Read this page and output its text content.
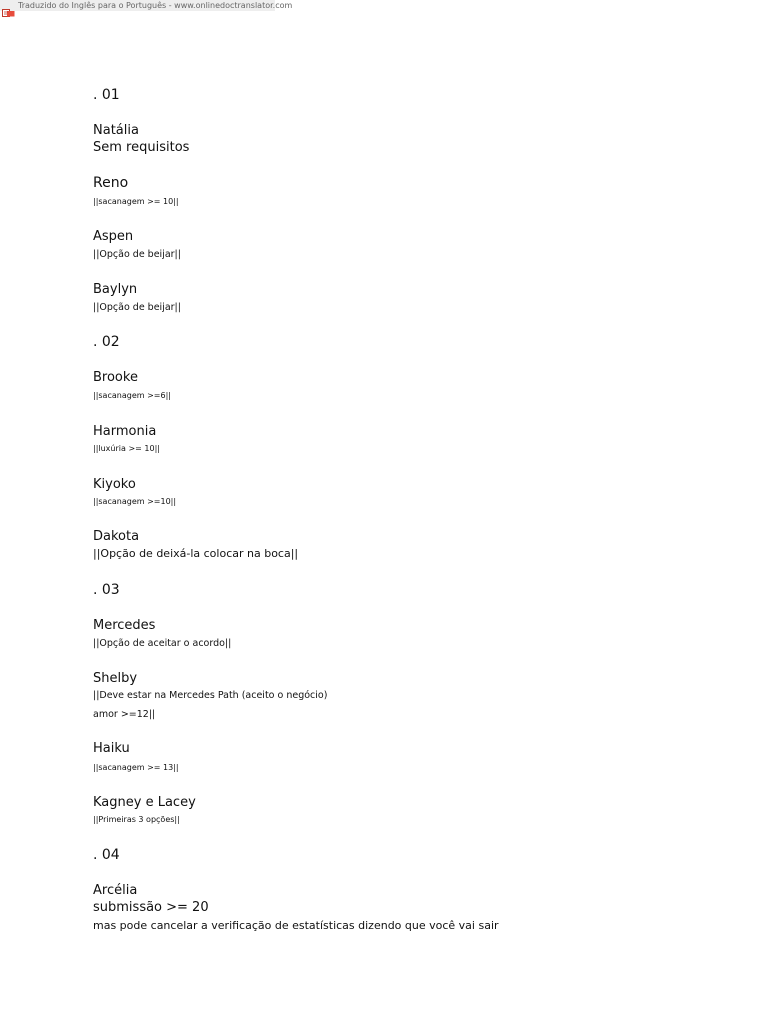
Traduzido do Inglês para o Português - www.onlinedoctranslator.com
. 01
Natália
Sem requisitos
Reno
||sacanagem >= 10||
Aspen
||Opção de beijar||
Baylyn
||Opção de beijar||
. 02
Brooke
||sacanagem >=6||
Harmonia
||luxúria >= 10||
Kiyoko
||sacanagem >=10||
Dakota
||Opção de deixá-la colocar na boca||
. 03
Mercedes
||Opção de aceitar o acordo||
Shelby
||Deve estar na Mercedes Path (aceito o negócio)
amor >=12||
Haiku
||sacanagem >= 13||
Kagney e Lacey
||Primeiras 3 opções||
. 04
Arcélia
submissão >= 20
mas pode cancelar a verificação de estatísticas dizendo que você vai sair
